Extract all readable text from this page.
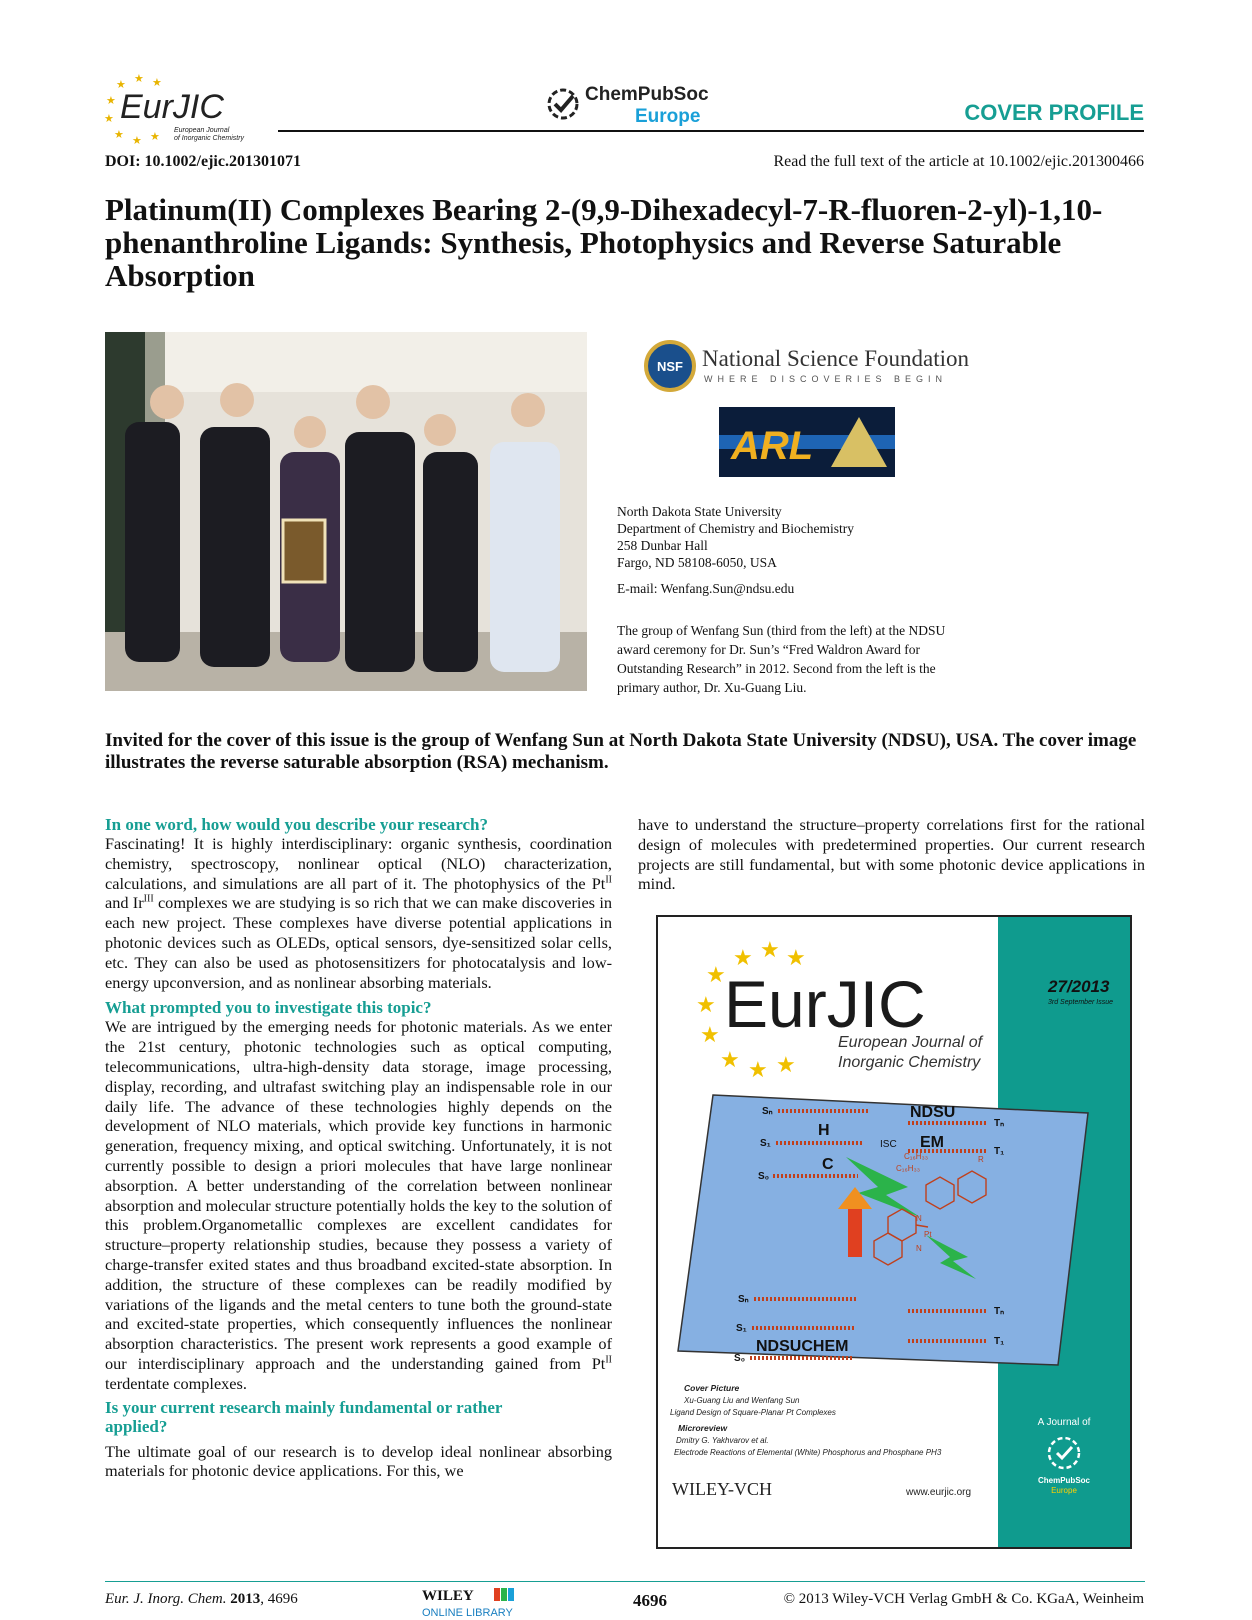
★ ★ ★
★
★
★ ★ ★
EurJIC
European Journal
of Inorganic Chemistry
ChemPubSoc
Europe	COVER PROFILE
DOI: 10.1002/ejic.201301071	Read the full text of the article at 10.1002/ejic.201300466
Platinum(II) Complexes Bearing 2-(9,9-Dihexadecyl-7-R-fluoren-2-yl)-1,10-phenanthroline Ligands: Synthesis, Photophysics and Reverse Saturable Absorption
NSF National Science Foundation
WHERE DISCOVERIES BEGIN
ARL
North Dakota State University
Department of Chemistry and Biochemistry
258 Dunbar Hall
Fargo, ND 58108-6050, USA
E-mail: Wenfang.Sun@ndsu.edu
The group of Wenfang Sun (third from the left) at the NDSU award ceremony for Dr. Sun’s “Fred Waldron Award for Outstanding Research” in 2012. Second from the left is the primary author, Dr. Xu-Guang Liu.
Invited for the cover of this issue is the group of Wenfang Sun at North Dakota State University (NDSU), USA. The cover image illustrates the reverse saturable absorption (RSA) mechanism.
In one word, how would you describe your research?

Fascinating! It is highly interdisciplinary: organic synthesis, coordination chemistry, spectroscopy, nonlinear optical (NLO) characterization, calculations, and simulations are all part of it. The photophysics of the $Pt^{II}$ and $Ir^{III}$ complexes we are studying is so rich that we can make discoveries in each new project. These complexes have diverse potential applications in photonic devices such as OLEDs, optical sensors, dye-sensitized solar cells, etc. They can also be used as photosensitizers for photocatalysis and low-energy upconversion, and as nonlinear absorbing materials.

What prompted you to investigate this topic?

We are intrigued by the emerging needs for photonic materials. As we enter the 21st century, photonic technologies such as optical computing, telecommunications, ultra-high-density data storage, image processing, display, recording, and ultrafast switching play an indispensable role in our daily life. The advance of these technologies highly depends on the development of NLO materials, which provide key functions in harmonic generation, frequency mixing, and optical switching. Unfortunately, it is not currently possible to design a priori molecules that have large nonlinear absorption. A better understanding of the correlation between nonlinear absorption and molecular structure potentially holds the key to the solution of this problem.Organometallic complexes are excellent candidates for structure–property relationship studies, because they possess a variety of charge-transfer exited states and thus broadband excited-state absorption. In addition, the structure of these complexes can be readily modified by variations of the ligands and the metal centers to tune both the ground-state and excited-state properties, which consequently influences the nonlinear absorption characteristics. The present work represents a good example of our interdisciplinary approach and the understanding gained from $Pt^{II}$ terdentate complexes.

Is your current research mainly fundamental or rather applied?

The ultimate goal of our research is to develop ideal nonlinear absorbing materials for photonic device applications. For this, we

have to understand the structure–property correlations first for the rational design of molecules with predetermined properties. Our current research projects are still fundamental, but with some photonic device applications in mind.

★ ★ ★
★
★
★
★ ★ ★
EurJIC
European Journal of
Inorganic Chemistry
27/2013
3rd September Issue
Sₙ
S₁
S₀
Tₙ
T₁
Sₙ
S₁
S₀
Tₙ
T₁
ISC
NDSU
EM
H
C
NDSUCHEM
C₁₆H₃₃
C₁₆H₃₃
R
Pt
N
N
Cover Picture
Xu-Guang Liu and Wenfang Sun
Ligand Design of Square-Planar Pt Complexes
Microreview
Dmitry G. Yakhvarov et al.
Electrode Reactions of Elemental (White) Phosphorus and Phosphane PH3
WILEY-VCH	www.eurjic.org
A Journal of
ChemPubSoc
Europe
Eur. J. Inorg. Chem. 2013, 4696	WILEY
ONLINE LIBRARY
4696	© 2013 Wiley-VCH Verlag GmbH & Co. KGaA, Weinheim
